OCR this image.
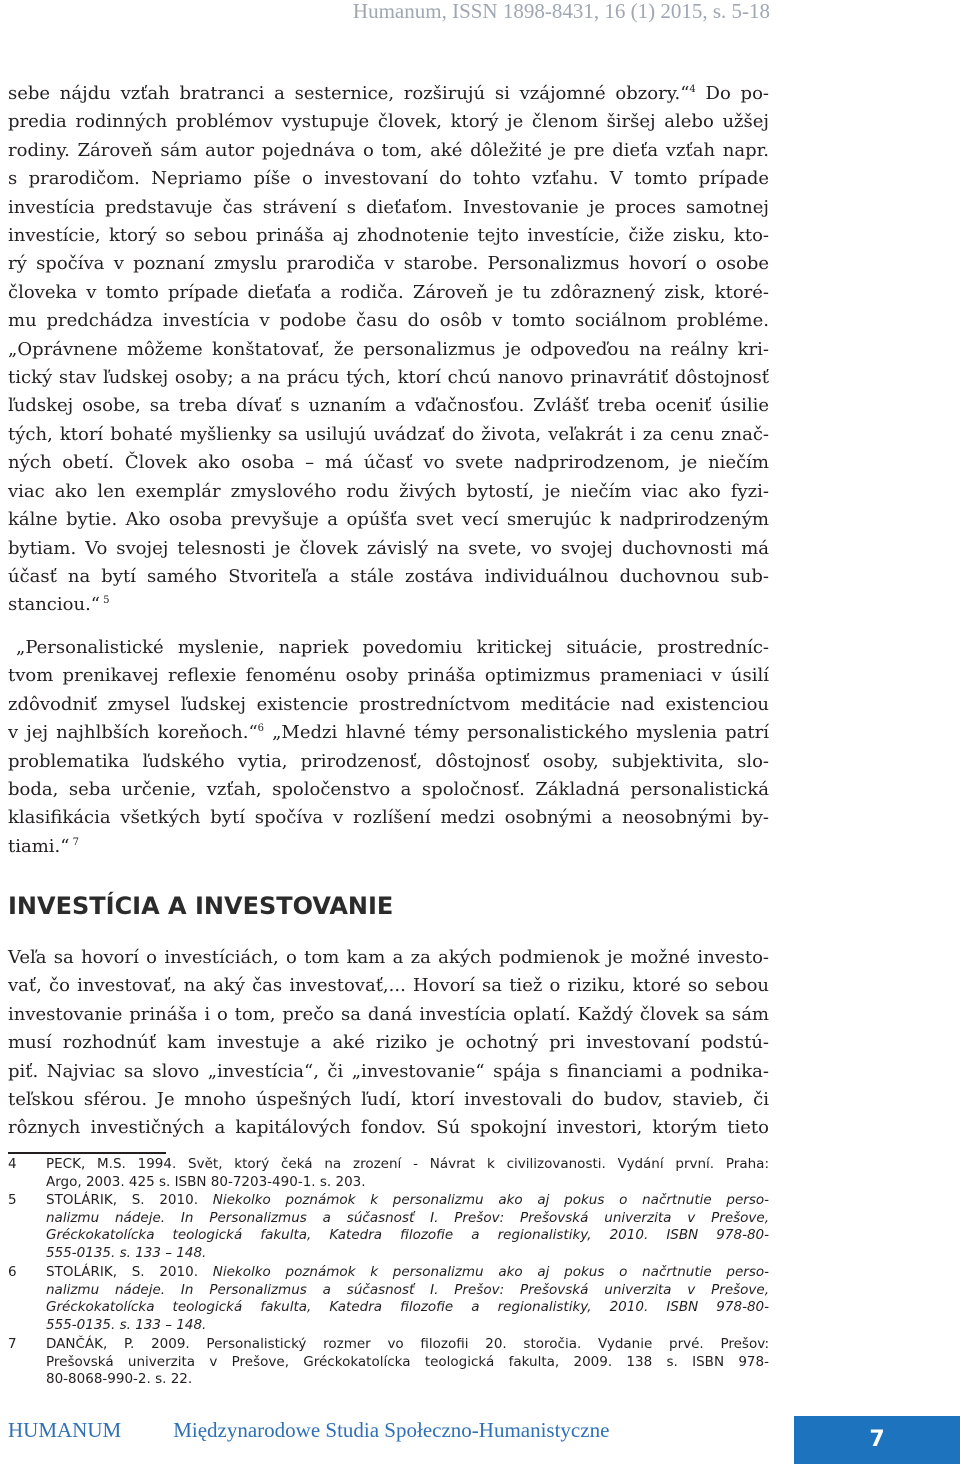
Humanum, ISSN 1898-8431, 16 (1) 2015, s. 5-18
sebe nájdu vzťah bratranci a sesternice, rozširujú si vzájomné obzory.“$^4$ Do po-
predia rodinných problémov vystupuje človek, ktorý je členom širšej alebo užšej
rodiny. Zároveň sám autor pojednáva o tom, aké dôležité je pre dieťa vzťah napr.
s prarodičom. Nepriamo píše o investovaní do tohto vzťahu. V tomto prípade
investícia predstavuje čas strávení s dieťaťom. Investovanie je proces samotnej
investície, ktorý so sebou prináša aj zhodnotenie tejto investície, čiže zisku, kto-
rý spočíva v poznaní zmyslu prarodiča v starobe. Personalizmus hovorí o osobe
človeka v tomto prípade dieťaťa a rodiča. Zároveň je tu zdôraznený zisk, ktoré-
mu predchádza investícia v podobe času do osôb v tomto sociálnom probléme.
„Oprávnene môžeme konštatovať, že personalizmus je odpoveďou na reálny kri-
tický stav ľudskej osoby; a na prácu tých, ktorí chcú nanovo prinavrátiť dôstojnosť
ľudskej osobe, sa treba dívať s uznaním a vďačnosťou. Zvlášť treba oceniť úsilie
tých, ktorí bohaté myšlienky sa usilujú uvádzať do života, veľakrát i za cenu znač-
ných obetí. Človek ako osoba – má účasť vo svete nadprirodzenom, je niečím
viac ako len exemplár zmyslového rodu živých bytostí, je niečím viac ako fyzi-
kálne bytie. Ako osoba prevyšuje a opúšťa svet vecí smerujúc k nadprirodzeným
bytiam. Vo svojej telesnosti je človek závislý na svete, vo svojej duchovnosti má
účasť na bytí samého Stvoriteľa a stále zostáva individuálnou duchovnou sub-
stanciou.“ $^5$
„Personalistické myslenie, napriek povedomiu kritickej situácie, prostredníc-
tvom prenikavej reflexie fenoménu osoby prináša optimizmus prameniaci v úsilí
zdôvodniť zmysel ľudskej existencie prostredníctvom meditácie nad existenciou
v jej najhlbších koreňoch.“$^6$ „Medzi hlavné témy personalistického myslenia patrí
problematika ľudského vytia, prirodzenosť, dôstojnosť osoby, subjektivita, slo-
boda, seba určenie, vzťah, spoločenstvo a spoločnosť. Základná personalistická
klasifikácia všetkých bytí spočíva v rozlíšení medzi osobnými a neosobnými by-
tiami.“ $^7$
INVESTÍCIA A INVESTOVANIE
Veľa sa hovorí o investíciách, o tom kam a za akých podmienok je možné investo-
vať, čo investovať, na aký čas investovať,... Hovorí sa tiež o riziku, ktoré so sebou
investovanie prináša i o tom, prečo sa daná investícia oplatí. Každý človek sa sám
musí rozhodnúť kam investuje a aké riziko je ochotný pri investovaní podstú-
piť. Najviac sa slovo „investícia“, či „investovanie“ spája s financiami a podnika-
teľskou sférou. Je mnoho úspešných ľudí, ktorí investovali do budov, stavieb, či
rôznych investičných a kapitálových fondov. Sú spokojní investori, ktorým tieto
4 PECK, M.S. 1994. Svět, ktorý čeká na zrození - Návrat k civilizovanosti. Vydání první. Praha:
Argo, 2003. 425 s. ISBN 80-7203-490-1. s. 203.
5 STOLÁRIK, S. 2010. Niekolko poznámok k personalizmu ako aj pokus o načrtnutie perso-
nalizmu nádeje. In Personalizmus a súčasnosť I. Prešov: Prešovská univerzita v Prešove,
Gréckokatolícka teologická fakulta, Katedra filozofie a regionalistiky, 2010. ISBN 978-80-
555-0135. s. 133 – 148.
6 STOLÁRIK, S. 2010. Niekolko poznámok k personalizmu ako aj pokus o načrtnutie perso-
nalizmu nádeje. In Personalizmus a súčasnosť I. Prešov: Prešovská univerzita v Prešove,
Gréckokatolícka teologická fakulta, Katedra filozofie a regionalistiky, 2010. ISBN 978-80-
555-0135. s. 133 – 148.
7 DANČÁK, P. 2009. Personalistický rozmer vo filozofii 20. storočia. Vydanie prvé. Prešov:
Prešovská univerzita v Prešove, Gréckokatolícka teologická fakulta, 2009. 138 s. ISBN 978-
80-8068-990-2. s. 22.
HUMANUM Międzynarodowe Studia Społeczno-Humanistyczne	7
